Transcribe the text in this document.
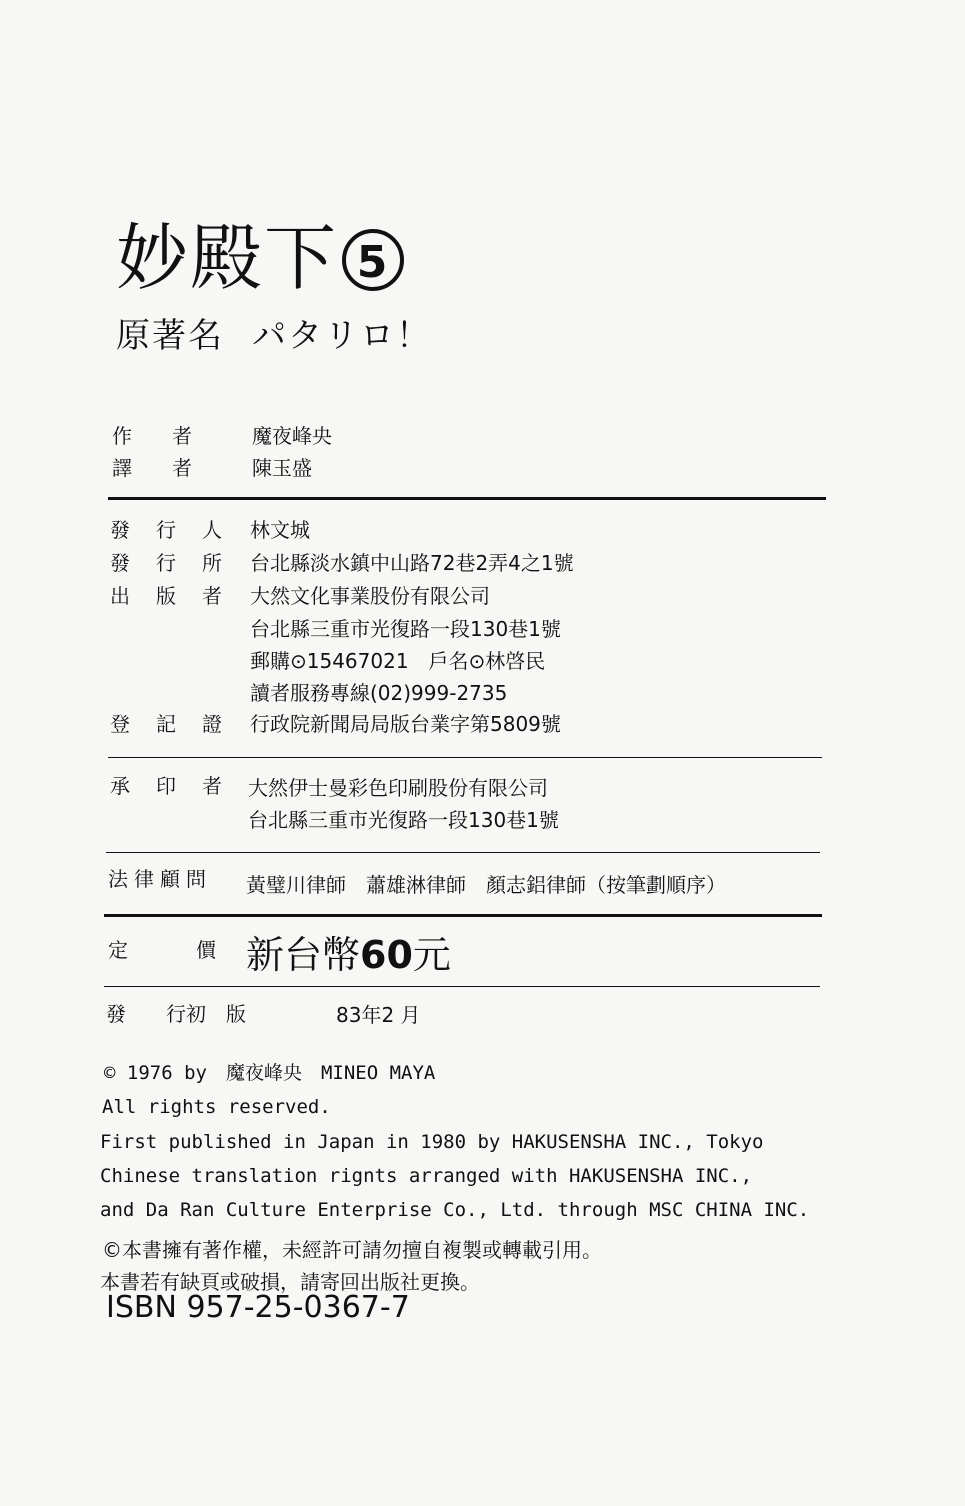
妙殿下 5
原著名 パタリロ！
作　　者	魔夜峰央
譯　　者	陳玉盛
發 行 人	林文城
發 行 所	台北縣淡水鎮中山路72巷2弄4之1號
出 版 者	大然文化事業股份有限公司
台北縣三重市光復路一段130巷1號
郵購⊙15467021　戶名⊙林啓民
讀者服務專線(02)999-2735
登 記 證	行政院新聞局局版台業字第5809號
承 印 者	大然伊士曼彩色印刷股份有限公司
台北縣三重市光復路一段130巷1號
法律顧問 黃璧川律師　蕭雄淋律師　顏志鋁律師（按筆劃順序）
定	價 新台幣60元
發　　行初　版	83年2 月
© 1976 by　魔夜峰央　MINEO MAYA
All rights reserved.
First published in Japan in 1980 by HAKUSENSHA INC., Tokyo
Chinese translation rignts arranged with HAKUSENSHA INC.,
and Da Ran Culture Enterprise Co., Ltd. through MSC CHINA INC.
©本書擁有著作權，未經許可請勿擅自複製或轉載引用。
本書若有缺頁或破損，請寄回出版社更換。
ISBN 957-25-0367-7
